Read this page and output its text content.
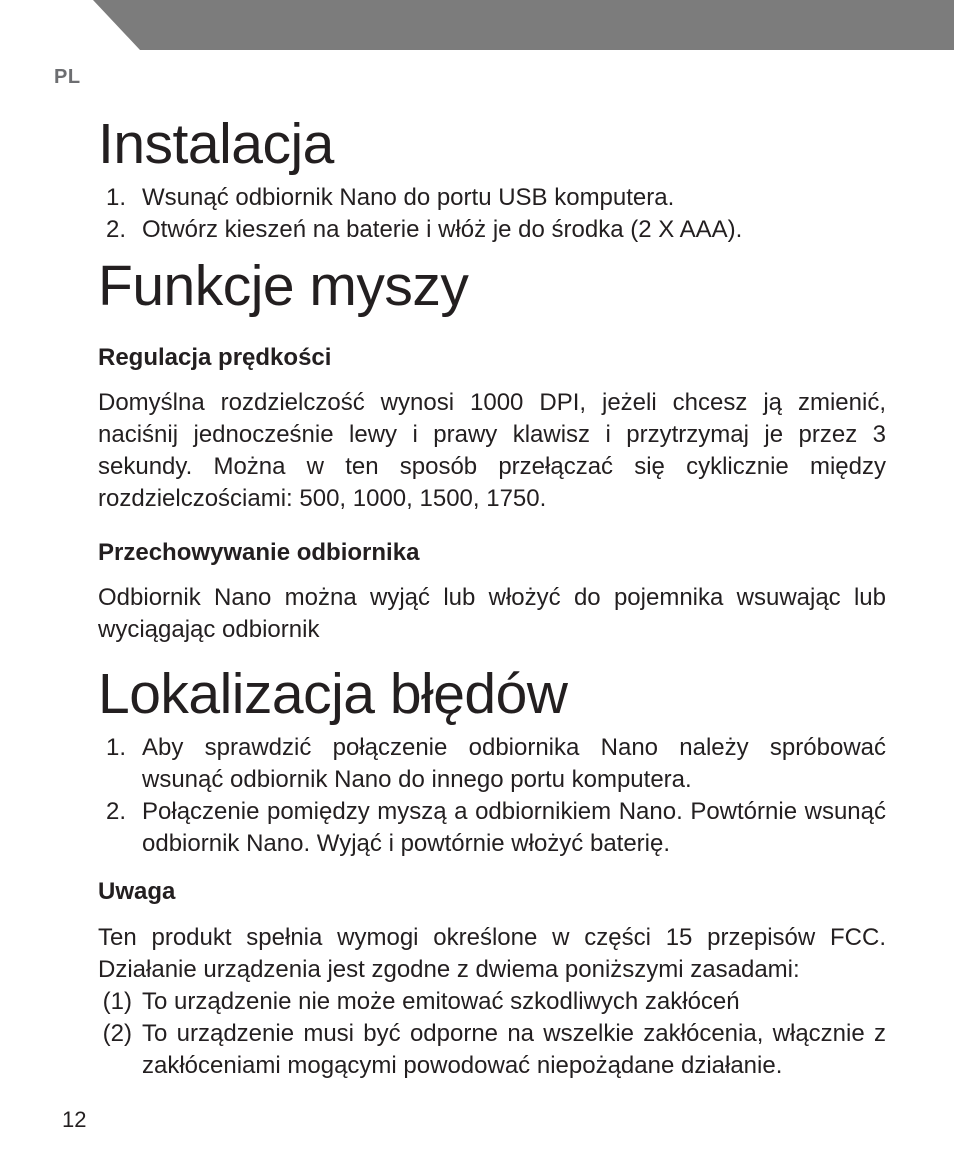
PL
Instalacja
1. Wsunąć odbiornik Nano do portu USB komputera.
2. Otwórz kieszeń na baterie i włóż je do środka (2 X AAA).
Funkcje myszy
Regulacja prędkości

Domyślna rozdzielczość wynosi 1000 DPI, jeżeli chcesz ją zmienić, naciśnij jednocześnie lewy i prawy klawisz i przytrzymaj je przez 3 sekundy. Można w ten sposób przełączać się cyklicznie między rozdzielczościami: 500, 1000, 1500, 1750.

Przechowywanie odbiornika

Odbiornik Nano można wyjąć lub włożyć do pojemnika wsuwając lub wyciągając odbiornik

Lokalizacja błędów
1. Aby sprawdzić połączenie odbiornika Nano należy spróbować wsunąć odbiornik Nano do innego portu komputera.
2. Połączenie pomiędzy myszą a odbiornikiem Nano. Powtórnie wsunąć odbiornik Nano. Wyjąć i powtórnie włożyć baterię.
Uwaga

Ten produkt spełnia wymogi określone w części 15 przepisów FCC. Działanie urządzenia jest zgodne z dwiema poniższymi zasadami:

(1) To urządzenie nie może emitować szkodliwych zakłóceń
(2) To urządzenie musi być odporne na wszelkie zakłócenia, włącznie z zakłóceniami mogącymi powodować niepożądane działanie.
12
